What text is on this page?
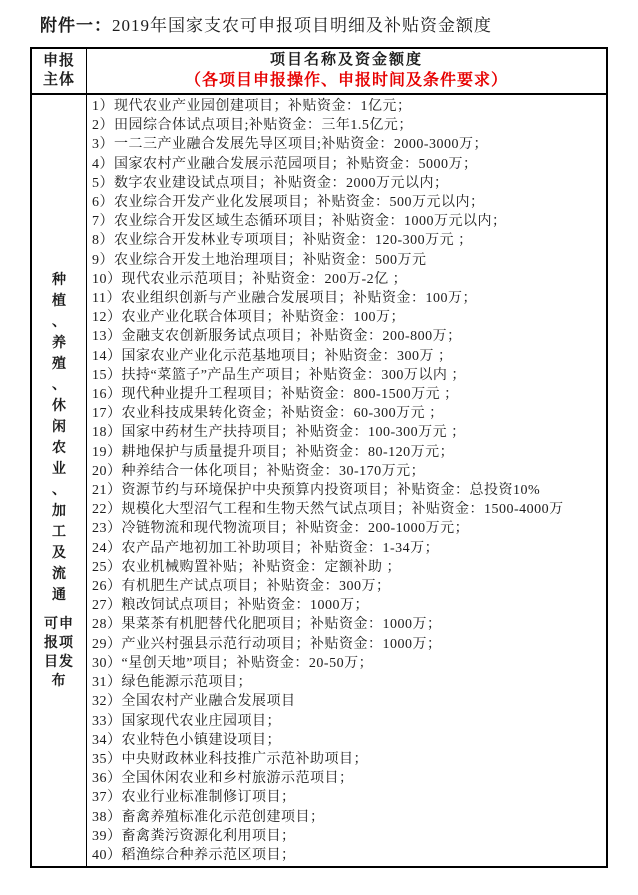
附件一：2019年国家支农可申报项目明细及补贴资金额度
申报
主体
项目名称及资金额度
（各项目申报操作、申报时间及条件要求）
种
植
、
养
殖
、
休
闲
农
业
、
加
工
及
流
通
可申
报项
目发
布
1）现代农业产业园创建项目；补贴资金：1亿元；
2）田园综合体试点项目;补贴资金：三年1.5亿元；
3）一二三产业融合发展先导区项目;补贴资金：2000-3000万；
4）国家农村产业融合发展示范园项目；补贴资金：5000万；
5）数字农业建设试点项目；补贴资金：2000万元以内；
6）农业综合开发产业化发展项目；补贴资金：500万元以内；
7）农业综合开发区域生态循环项目；补贴资金：1000万元以内；
8）农业综合开发林业专项项目；补贴资金：120-300万元 ；
9）农业综合开发土地治理项目；补贴资金：500万元
10）现代农业示范项目；补贴资金：200万-2亿 ；
11）农业组织创新与产业融合发展项目；补贴资金：100万；
12）农业产业化联合体项目；补贴资金：100万；
13）金融支农创新服务试点项目；补贴资金：200-800万；
14）国家农业产业化示范基地项目；补贴资金：300万 ；
15）扶持“菜篮子”产品生产项目；补贴资金：300万以内 ；
16）现代种业提升工程项目；补贴资金：800-1500万元 ；
17）农业科技成果转化资金；补贴资金：60-300万元 ；
18）国家中药材生产扶持项目；补贴资金：100-300万元 ；
19）耕地保护与质量提升项目；补贴资金：80-120万元；
20）种养结合一体化项目；补贴资金：30-170万元；
21）资源节约与环境保护中央预算内投资项目；补贴资金：总投资10%
22）规模化大型沼气工程和生物天然气试点项目；补贴资金：1500-4000万
23）冷链物流和现代物流项目；补贴资金：200-1000万元；
24）农产品产地初加工补助项目；补贴资金：1-34万；
25）农业机械购置补贴；补贴资金：定额补助 ；
26）有机肥生产试点项目；补贴资金：300万；
27）粮改饲试点项目；补贴资金：1000万；
28）果菜茶有机肥替代化肥项目；补贴资金：1000万；
29）产业兴村强县示范行动项目；补贴资金：1000万；
30）“星创天地”项目；补贴资金：20-50万；
31）绿色能源示范项目；
32）全国农村产业融合发展项目
33）国家现代农业庄园项目；
34）农业特色小镇建设项目；
35）中央财政林业科技推广示范补助项目；
36）全国休闲农业和乡村旅游示范项目；
37）农业行业标准制修订项目；
38）畜禽养殖标准化示范创建项目；
39）畜禽粪污资源化利用项目；
40）稻渔综合种养示范区项目；
